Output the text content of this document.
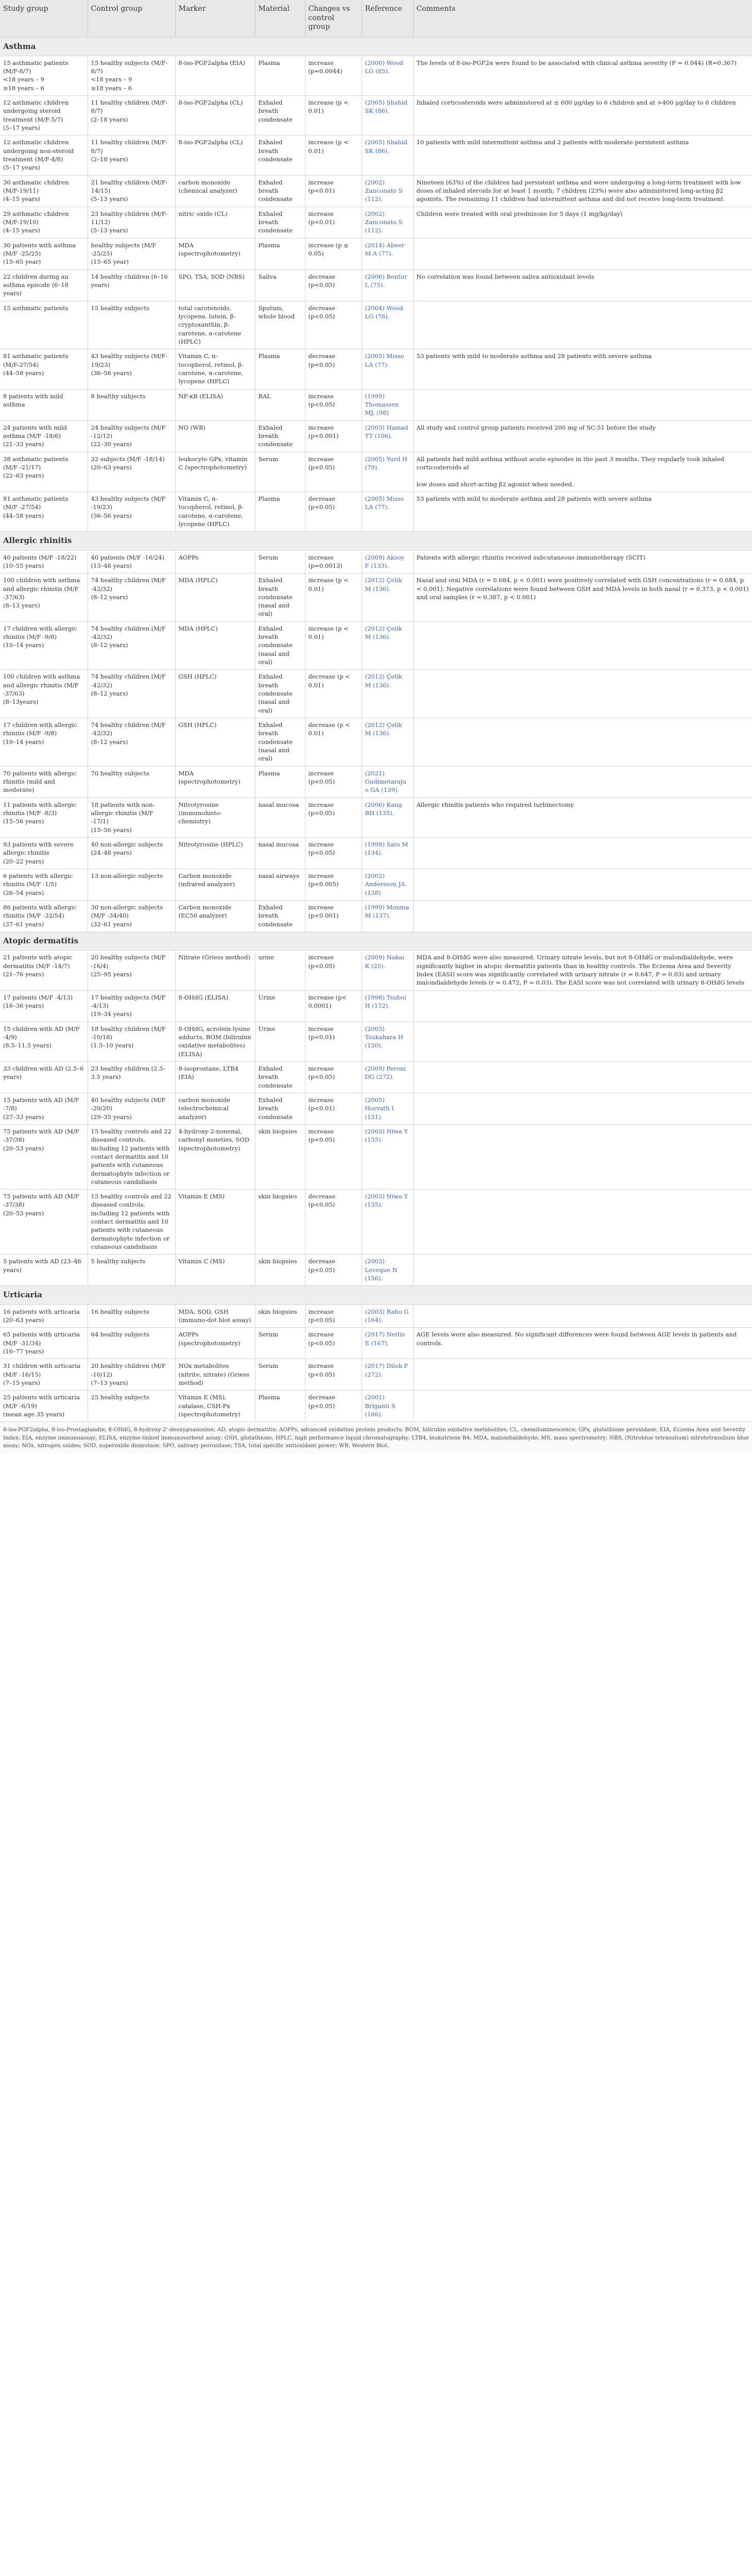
Study group	Control group	Marker	Material	Changes vs control group	Reference	Comments
Asthma						
15 asthmatic patients (M/F-8/7)
<18 years – 9
≥18 years – 6	15 healthy subjects (M/F-8/7)
<18 years – 9
≥18 years – 6	8-iso-PGF2alpha (EIA)	Plasma	increase (p=0.0044)	(2000) Wood LG (85).	The levels of 8-iso-PGF2α were found to be associated with clinical asthma severity (P = 0.044) (R=0.367)
12 asthmatic children undergoing steroid treatment (M/F-5/7)
(5–17 years)	11 healthy children (M/F-8/7)
(2–18 years)	8-iso-PGF2alpha (CL)	Exhaled breath condensate	increase (p < 0.01)	(2005) Shahid SK (86).	Inhaled corticosteroids were administered at ≤ 600 μg/day to 6 children and at >400 μg/day to 6 children
12 asthmatic children undergoing non-steroid treatment (M/F-4/8)
(5–17 years)	11 healthy children (M/F-8/7)
(2–18 years)	8-iso-PGF2alpha (CL)	Exhaled breath condensate	increase (p < 0.01)	(2005) Shahid SK (86).	10 patients with mild intermittent asthma and 2 patients with moderate persistent asthma
30 asthmatic children (M/F-19/11)
(4–15 years)	21 healthy children (M/F-14/15)
(5–13 years)	carbon monoxide (chemical analyzer)	Exhaled breath condensate	increase (p<0.01)	(2002) Zanconato S (112).	Nineteen (63%) of the children had persistent asthma and were undergoing a long-term treatment with low doses of inhaled steroids for at least 1 month; 7 children (23%) were also administered long-acting β2 agonists. The remaining 11 children had intermittent asthma and did not receive long-term treatment
29 asthmatic children (M/F-19/10)
(4–15 years)	23 healthy children (M/F-11/12)
(5–13 years)	nitric oxide (CL)	Exhaled breath condensate	increase (p<0.01)	(2002) Zanconato S (112).	Children were treated with oral prednisone for 5 days (1 mg/kg/day)
30 patients with asthma (M/F -25/25)
(15–65 year)	healthy subjects (M/F -25/25)
(15–65 year)	MDA (spectrophotometry)	Plasma	increase (p ≤ 0.05)	(2014) Abeer M.A (77).	
22 children during an asthma episode (6–18 years)	14 healthy children (6–16 years)	SPO, TSA, SOD (NBS)	Saliva	decrease (p<0.05)	(2006) Bentur L (75).	No correlation was found between saliva antioxidant levels
15 asthmatic patients	15 healthy subjects	total carotenoids, lycopene, lutein, β-cryptoxanthin, β-carotene, α-carotene (HPLC)	Sputum, whole blood	decrease (p<0.05)	(2004) Wood LG (76).	
81 asthmatic patients (M/F-27/54)
(44–58 years)	43 healthy subjects (M/F-19/23)
(36–56 years)	Vitamin C, α-tocopherol, retinol, β-carotene, α-carotene, lycopene (HPLC)	Plasma	decrease (p<0.05)	(2005) Misso LA (77).	53 patients with mild to moderate asthma and 28 patients with severe asthma
8 patients with mild asthma	8 healthy subjects	NF-κB (ELISA)	BAL	increase (p<0.05)	(1999) Thomassen MJ. (98)	
24 patients with mild asthma (M/F -18/6)
(21–33 years)	24 healthy subjects (M/F -12/12)
(22–30 years)	NO (WB)	Exhaled breath condensate	increase (p<0.001)	(2003) Hamad TT (106).	All study and control group patients received 200 mg of SC-51 before the study
38 asthmatic patients (M/F -21/17)
(22–63 years)	32 subjects (M/F -18/14)
(20–63 years)	leukocyte GPx, vitamin C (spectrophotometry)	Serum	increase (p<0.05)	(2005) Yurd H (79).	All patients had mild asthma without acute episodes in the past 3 months. They regularly took inhaled corticosteroids at

low doses and short-acting β2 agonist when needed.
81 asthmatic patients (M/F -27/54)
(44–58 years)	43 healthy subjects (M/F -19/23)
(36–56 years)	Vitamin C, α-tocopherol, retinol, β-carotene, α-carotene, lycopene (HPLC)	Plasma	decrease (p<0.05)	(2005) Misso LA (77).	53 patients with mild to moderate asthma and 28 patients with severe asthma
Allergic rhinitis						
40 patients (M/F -18/22)
(10–55 years)	40 patients (M/F -16/24)
(13–48 years)	AOPPs	Serum	increase (p=0.0013)	(2009) Aksoy F (133).	Patients with allergic rhinitis received subcutaneous immunotherapy (SCIT)
100 children with asthma and allergic rhinitis (M/F -37/63)
(8–13 years)	74 healthy children (M/F -42/32)
(8–12 years)	MDA (HPLC)	Exhaled breath condensate (nasal and oral)	increase (p < 0.01)	(2012) Çelik M (136).	Nasal and oral MDA (r = 0.684, p < 0.001) were positively correlated with GSH concentrations (r = 0.684, p < 0.001). Negative correlations were found between GSH and MDA levels in both nasal (r = 0.373, p < 0.001) and oral samples (r = 0.387, p < 0.001)
17 children with allergic rhinitis (M/F -9/8)
(10–14 years)	74 healthy children (M/F -42/32)
(8–12 years)	MDA (HPLC)	Exhaled breath condensate (nasal and oral)	increase (p < 0.01)	(2012) Çelik M (136).	
100 children with asthma and allergic rhinitis (M/F -37/63)
(8–13years)	74 healthy children (M/F -42/32)
(8–12 years)	GSH (HPLC)	Exhaled breath condensate (nasal and oral)	decrease (p < 0.01)	(2012) Çelik M (136).	
17 children with allergic rhinitis (M/F -9/8)
(10–14 years)	74 healthy children (M/F -42/32)
(8–12 years)	GSH (HPLC)	Exhaled breath condensate (nasal and oral)	decrease (p < 0.01)	(2012) Çelik M (136).	
70 patients with allergic rhinitis (mild and moderate)	70 healthy subjects	MDA (spectrophotometry)	Plasma	increase (p<0.05)	(2021) Gudimetarajuo GA (139).	
11 patients with allergic rhinitis (M/F -8/3)
(15–56 years)	18 patients with non-allergic rhinitis (M/F -17/1)
(15–56 years)	Nitrotyrosine (immunohisto-chemistry)	nasal mucosa	increase (p<0.05)	(2006) Kang BH (135).	Allergic rhinitis patients who required turbinectomy
93 patients with severe allergic rhinitis
(20–22 years)	40 non-allergic subjects
(24–48 years)	Nitrotyrosine (HPLC)	nasal mucosa	increase (p<0.05)	(1998) Sato M (134).	
6 patients with allergic rhinitis (M/F -1/5)
(26–54 years)	13 non-allergic subjects	Carbon monoxide (infrared analyzer)	nasal airways	increase (p<0.005)	(2002) Andersson JA. (138)	
86 patients with allergic rhinitis (M/F -32/54)
(37–61 years)	30 non-allergic subjects (M/F -34/40)
(32–61 years)	Carbon monoxide (EC50 analyzer)	Exhaled breath condensate	increase (p<0.001)	(1999) Monma M (137).	
Atopic dermatitis						
21 patients with atopic dermatitis (M/F -14/7)
(21–76 years)	20 healthy subjects (M/F -16/4)
(25–95 years)	Nitrate (Griess method)	urine	increase (p<0.05)	(2009) Nakai K (25).	MDA and 8-OHdG were also measured. Urinary nitrate levels, but not 8-OHdG or malondialdehyde, were significantly higher in atopic dermatitis patients than in healthy controls. The Eczema Area and Severity Index (EASI) score was significantly correlated with urinary nitrate (r = 0.647, P = 0.03) and urinary malondialdehyde levels (r = 0.472, P = 0.03). The EASI score was not correlated with urinary 8-OHdG levels
17 patients (M/F -4/13)
(16–36 years)	17 healthy subjects (M/F -4/13)
(19–34 years)	8-OHdG (ELISA)	Urine	increase (p< 0.0001)	(1998) Tsuboi H (152).	
15 children with AD (M/F -4/9)
(8.5–11.5 years)	18 healthy children (M/F -10/18)
(1.5–10 years)	8-OHdG, acrolein-lysine adducts, BOM (bilirubin oxidative metabolites) (ELISA)	Urine	increase (p<0.01)	(2003) Tsukahara H (150).	
33 children with AD (2.5–6 years)	23 healthy children (2.5–3.5 years)	8-isoprostane, LTB4 (EIA)	Exhaled breath condensate	increase (p<0.05)	(2009) Peroni DG (272).	
15 patients with AD (M/F -7/8)
(27–33 years)	40 healthy subjects (M/F -20/20)
(29–35 years)	carbon monoxide (electrochemical analyzer)	Exhaled breath condensate	increase (p<0.01)	(2005) Horvath I (151).	
75 patients with AD (M/F -37/38)
(20–53 years)	15 healthy controls and 22 diseased controls, including 12 patients with contact dermatitis and 10 patients with cutaneous dermatophyte infection or cutaneous candidiasis	4-hydroxy-2-nonenal, carbonyl moieties, SOD (spectrophotometry)	skin biopsies	increase (p<0.05)	(2003) Niwa Y (155).	
75 patients with AD (M/F -37/38)
(20–53 years)	15 healthy controls and 22 diseased controls, including 12 patients with contact dermatitis and 10 patients with cutaneous dermatophyte infection or cutaneous candidiasis	Vitamin E (MS)	skin biopsies	decrease (p<0.05)	(2003) Niwa Y (155).	
5 patients with AD (23–46 years)	5 healthy subjects	Vitamin C (MS)	skin biopsies	decrease (p<0.05)	(2003) Leveque N (156).	
Urticaria						
16 patients with urticaria (20–63 years)	16 healthy subjects	MDA, SOD, GSH (immuno-dot blot assay)	skin biopsies	increase (p<0.05)	(2003) Raho G (164).	
65 patients with urticaria (M/F -31/34)
(16–77 years)	64 healthy subjects	AOPPs (spectrophotometry)	Serum	increase (p<0.05)	(2017) Nettis E (167).	AGE levels were also measured. No significant differences were found between AGE levels in patients and controls.
31 children with urticaria (M/F -16/15)
(7–15 years)	20 healthy children (M/F -10/12)
(7–13 years)	NOx metabolites (nitrite, nitrate) (Griess method)	Serum	increase (p<0.05)	(2017) Dilek F (272).	
25 patients with urticaria (M/F -6/19)
(mean age 35 years)	25 healthy subjects	Vitamin E (MS), catalase, CSH-Px (spectrophotometry)	Plasma	decrease (p<0.05)	(2001) Briganti S (166).	
8-iso-PGF2alpha, 8-iso-Prostaglandin; 8-OHdG, 8-hydroxy-2'-deoxyguanosine; AD, atopic dermatitis; AOPPs, advanced oxidation protein products; BOM, bilirubin oxidative metabolites; CL, chemiluminescence; GPx, glutathione peroxidase; EIA, Eczema Area and Severity Index; EIA, enzyme immunoassay; ELISA, enzyme-linked immunosorbent assay; GSH, glutathione; HPLC, high performance liquid chromatography; LTB4, leukotriene B4; MDA, malondialdehyde; MS, mass spectrometry; NBS, (Nitroblue tetrazolium) nitrotetrazolium blue assay; NOx, nitrogen oxides; SOD, superoxide dismutase; SPO, salivary peroxidase; TSA, total specific antioxidant power; WB, Western Blot.
